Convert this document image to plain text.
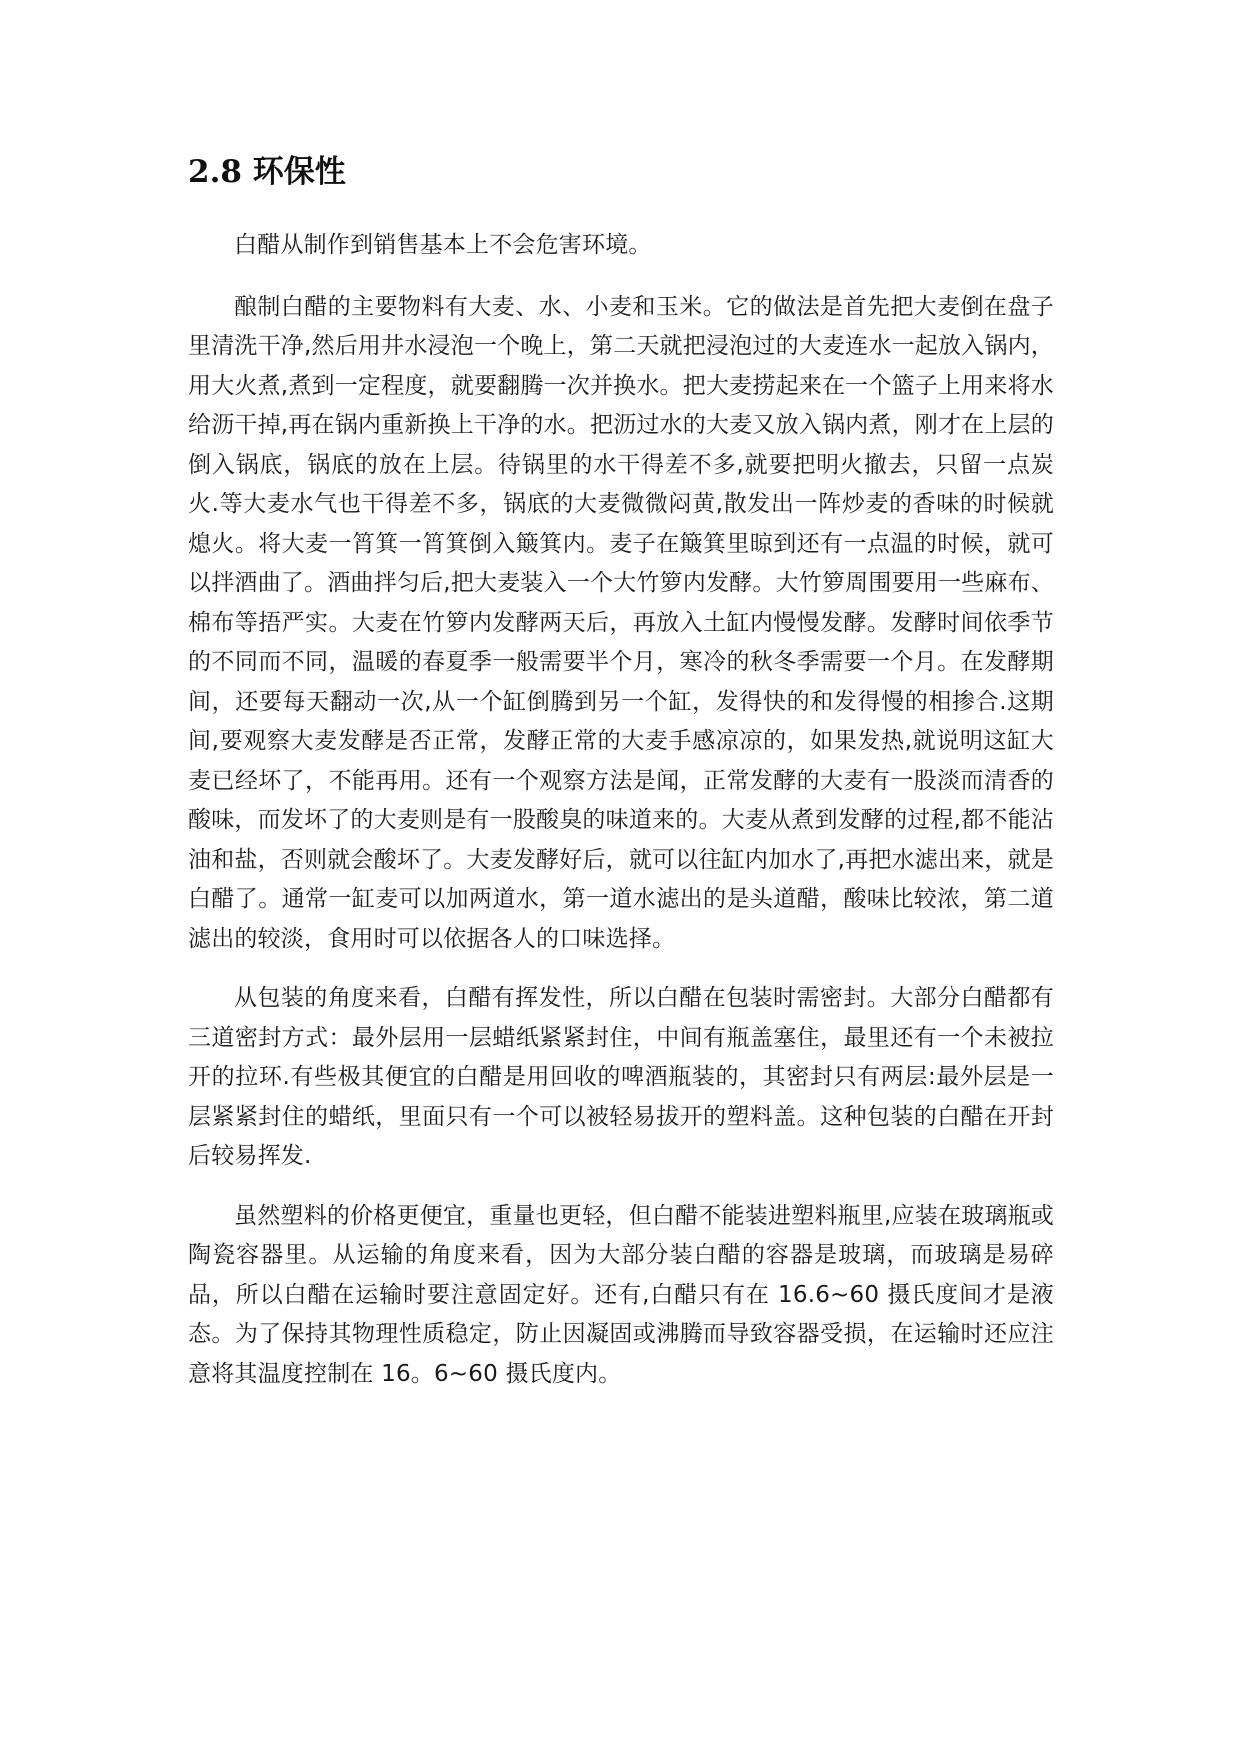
2.8 环保性

白醋从制作到销售基本上不会危害环境。

酿制白醋的主要物料有大麦、水、小麦和玉米。它的做法是首先把大麦倒在盘子里清洗干净,然后用井水浸泡一个晚上，第二天就把浸泡过的大麦连水一起放入锅内，用大火煮,煮到一定程度，就要翻腾一次并换水。把大麦捞起来在一个篮子上用来将水给沥干掉,再在锅内重新换上干净的水。把沥过水的大麦又放入锅内煮，刚才在上层的倒入锅底，锅底的放在上层。待锅里的水干得差不多,就要把明火撤去，只留一点炭火.等大麦水气也干得差不多，锅底的大麦微微闷黄,散发出一阵炒麦的香味的时候就熄火。将大麦一筲箕一筲箕倒入簸箕内。麦子在簸箕里晾到还有一点温的时候，就可以拌酒曲了。酒曲拌匀后,把大麦装入一个大竹箩内发酵。大竹箩周围要用一些麻布、棉布等捂严实。大麦在竹箩内发酵两天后，再放入土缸内慢慢发酵。发酵时间依季节的不同而不同，温暖的春夏季一般需要半个月，寒冷的秋冬季需要一个月。在发酵期间，还要每天翻动一次,从一个缸倒腾到另一个缸，发得快的和发得慢的相掺合.这期间,要观察大麦发酵是否正常，发酵正常的大麦手感凉凉的，如果发热,就说明这缸大麦已经坏了，不能再用。还有一个观察方法是闻，正常发酵的大麦有一股淡而清香的酸味，而发坏了的大麦则是有一股酸臭的味道来的。大麦从煮到发酵的过程,都不能沾油和盐，否则就会酸坏了。大麦发酵好后，就可以往缸内加水了,再把水滤出来，就是白醋了。通常一缸麦可以加两道水，第一道水滤出的是头道醋，酸味比较浓，第二道滤出的较淡，食用时可以依据各人的口味选择。

从包装的角度来看，白醋有挥发性，所以白醋在包装时需密封。大部分白醋都有三道密封方式：最外层用一层蜡纸紧紧封住，中间有瓶盖塞住，最里还有一个未被拉开的拉环.有些极其便宜的白醋是用回收的啤酒瓶装的，其密封只有两层:最外层是一层紧紧封住的蜡纸，里面只有一个可以被轻易拔开的塑料盖。这种包装的白醋在开封后较易挥发.

虽然塑料的价格更便宜，重量也更轻，但白醋不能装进塑料瓶里,应装在玻璃瓶或陶瓷容器里。从运输的角度来看，因为大部分装白醋的容器是玻璃，而玻璃是易碎品，所以白醋在运输时要注意固定好。还有,白醋只有在 16.6~60 摄氏度间才是液态。为了保持其物理性质稳定，防止因凝固或沸腾而导致容器受损，在运输时还应注意将其温度控制在 16。6~60 摄氏度内。
